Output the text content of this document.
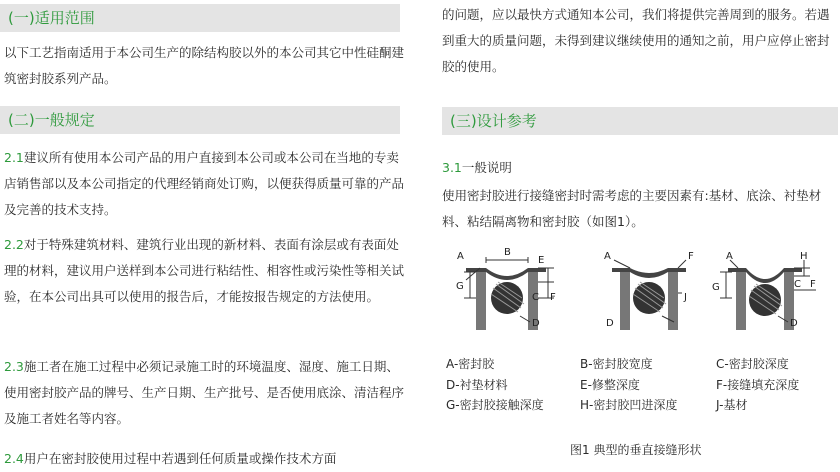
(一)适用范围

以下工艺指南适用于本公司生产的除结构胶以外的本公司其它中性硅酮建筑密封胶系列产品。

(二)一般规定

2.1建议所有使用本公司产品的用户直接到本公司或本公司在当地的专卖店销售部以及本公司指定的代理经销商处订购，以便获得质量可靠的产品及完善的技术支持。

2.2对于特殊建筑材料、建筑行业出现的新材料、表面有涂层或有表面处理的材料，建议用户送样到本公司进行粘结性、相容性或污染性等相关试验，在本公司出具可以使用的报告后，才能按报告规定的方法使用。

2.3施工者在施工过程中必须记录施工时的环境温度、湿度、施工日期、使用密封胶产品的牌号、生产日期、生产批号、是否使用底涂、清洁程序及施工者姓名等内容。

2.4用户在密封胶使用过程中若遇到任何质量或操作技术方面

的问题，应以最快方式通知本公司，我们将提供完善周到的服务。若遇到重大的质量问题，未得到建议继续使用的通知之前，用户应停止密封胶的使用。

(三)设计参考

3.1一般说明

使用密封胶进行接缝密封时需考虑的主要因素有:基材、底涂、衬垫材料、粘结隔离物和密封胶（如图1）。

A	B
E
G
C F
D
A	F
J
D
A	H
G	C F
D
A-密封胶	B-密封胶宽度	C-密封胶深度
D-衬垫材料	E-修整深度	F-接缝填充深度
G-密封胶接触深度	H-密封胶凹进深度	J-基材
图1 典型的垂直接缝形状
